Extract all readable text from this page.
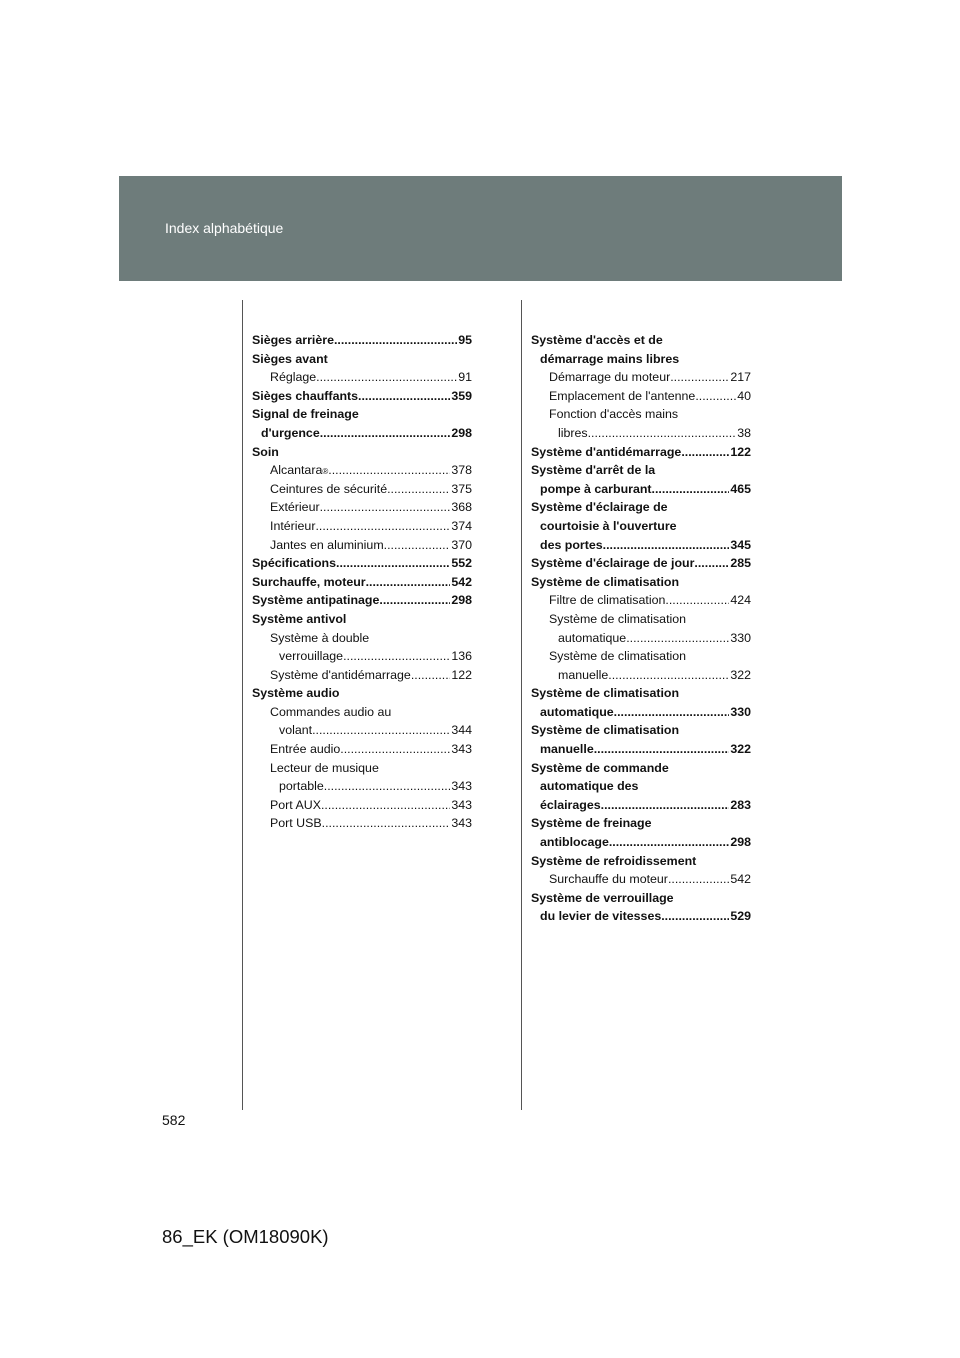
Index alphabétique
Sièges arrière .....	95
Sièges avant
Réglage .....	91
Sièges chauffants .....	359
Signal de freinage
d'urgence .....	298
Soin
Alcantara ® .....	378
Ceintures de sécurité .....	375
Extérieur .....	368
Intérieur .....	374
Jantes en aluminium .....	370
Spécifications .....	552
Surchauffe, moteur .....	542
Système antipatinage .....	298
Système antivol
Système à double
verrouillage .....	136
Système d'antidémarrage .....	122
Système audio
Commandes audio au
volant .....	344
Entrée audio .....	343
Lecteur de musique
portable .....	343
Port AUX .....	343
Port USB .....	343
Système d'accès et de
démarrage mains libres
Démarrage du moteur .....	217
Emplacement de l'antenne .....	40
Fonction d'accès mains
libres .....	38
Système d'antidémarrage .....	122
Système d'arrêt de la
pompe à carburant .....	465
Système d'éclairage de
courtoisie à l'ouverture
des portes .....	345
Système d'éclairage de jour .....	285
Système de climatisation
Filtre de climatisation .....	424
Système de climatisation
automatique .....	330
Système de climatisation
manuelle .....	322
Système de climatisation
automatique .....	330
Système de climatisation
manuelle .....	322
Système de commande
automatique des
éclairages .....	283
Système de freinage
antiblocage .....	298
Système de refroidissement
Surchauffe du moteur .....	542
Système de verrouillage
du levier de vitesses .....	529
582
86_EK (OM18090K)
